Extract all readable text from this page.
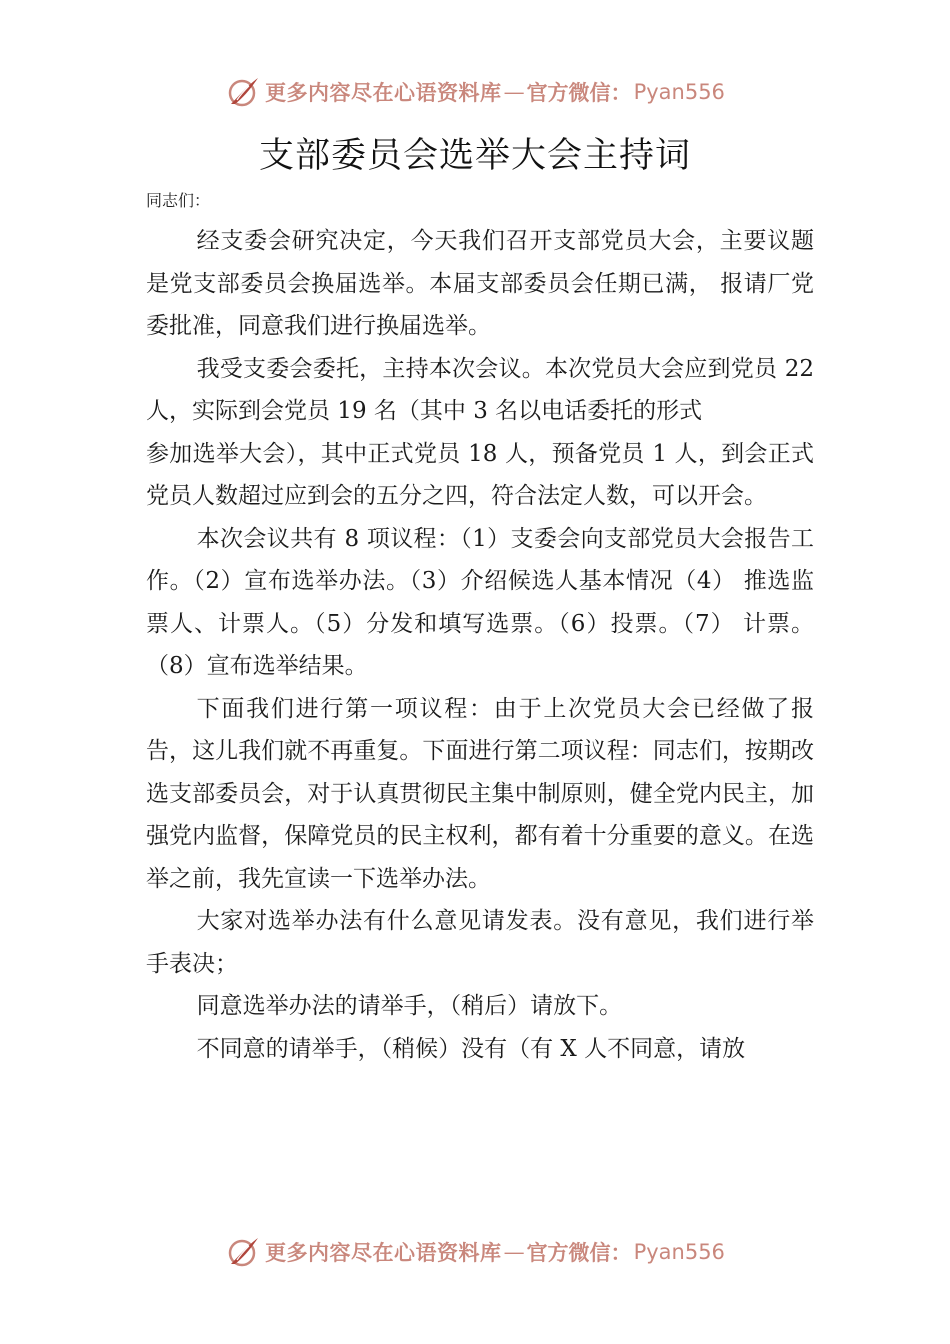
更多内容尽在心语资料库 — 官方微信： Pyan556
支部委员会选举大会主持词
同志们：

经支委会研究决定，今天我们召开支部党员大会，主要议题是党支部委员会换届选举。本届支部委员会任期已满， 报请厂党委批准，同意我们进行换届选举。

我受支委会委托，主持本次会议。本次党员大会应到党员 22 人，实际到会党员 19 名（其中 3 名以电话委托的形式

参加选举大会），其中正式党员 18 人，预备党员 1 人，到会正式党员人数超过应到会的五分之四，符合法定人数，可以开会。

本次会议共有 8 项议程：（1）支委会向支部党员大会报告工作。（2）宣布选举办法。（3）介绍候选人基本情况（4） 推选监票人、计票人。（5）分发和填写选票。（6）投票。（7） 计票。（8）宣布选举结果。

下面我们进行第一项议程：由于上次党员大会已经做了报告，这儿我们就不再重复。下面进行第二项议程：同志们，按期改选支部委员会，对于认真贯彻民主集中制原则，健全党内民主，加强党内监督，保障党员的民主权利，都有着十分重要的意义。在选举之前，我先宣读一下选举办法。

大家对选举办法有什么意见请发表。没有意见，我们进行举手表决；

同意选举办法的请举手，（稍后）请放下。

不同意的请举手，（稍候）没有（有 X 人不同意，请放

更多内容尽在心语资料库 — 官方微信： Pyan556
